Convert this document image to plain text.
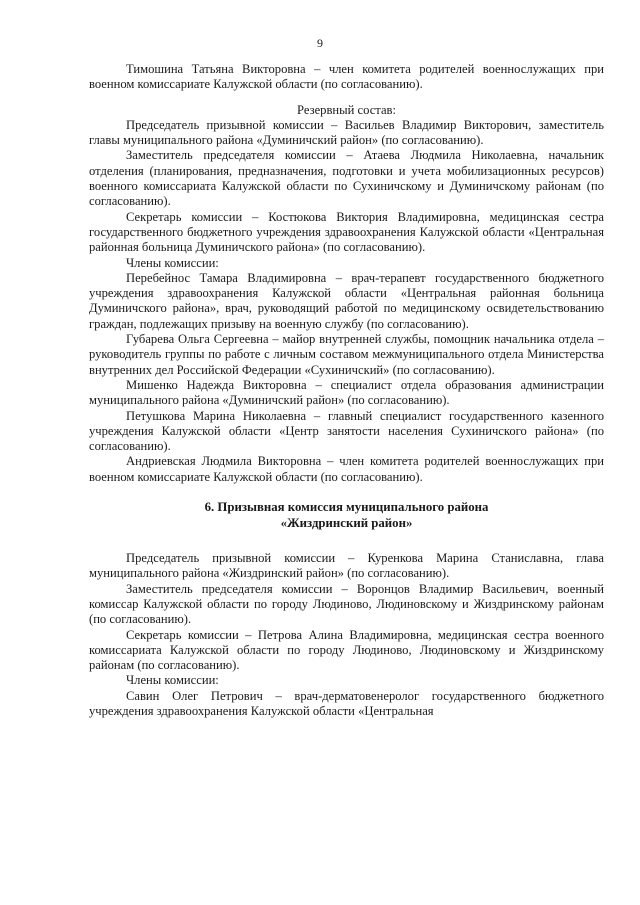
9

Тимошина Татьяна Викторовна – член комитета родителей военнослужащих при военном комиссариате Калужской области (по согласованию).

Резервный состав:

Председатель призывной комиссии – Васильев Владимир Викторович, заместитель главы муниципального района «Думиничский район» (по согласованию).

Заместитель председателя комиссии – Атаева Людмила Николаевна, начальник отделения (планирования, предназначения, подготовки и учета мобилизационных ресурсов) военного комиссариата Калужской области по Сухиничскому и Думиничскому районам (по согласованию).

Секретарь комиссии – Костюкова Виктория Владимировна, медицинская сестра государственного бюджетного учреждения здравоохранения Калужской области «Центральная районная больница Думиничского района» (по согласованию).

Члены комиссии:

Перебейнос Тамара Владимировна – врач-терапевт государственного бюджетного учреждения здравоохранения Калужской области «Центральная районная больница Думиничского района», врач, руководящий работой по медицинскому освидетельствованию граждан, подлежащих призыву на военную службу (по согласованию).

Губарева Ольга Сергеевна – майор внутренней службы, помощник начальника отдела – руководитель группы по работе с личным составом межмуниципального отдела Министерства внутренних дел Российской Федерации «Сухиничский» (по согласованию).

Мишенко Надежда Викторовна – специалист отдела образования администрации муниципального района «Думиничский район» (по согласованию).

Петушкова Марина Николаевна – главный специалист государственного казенного учреждения Калужской области «Центр занятости населения Сухиничского района» (по согласованию).

Андриевская Людмила Викторовна – член комитета родителей военнослужащих при военном комиссариате Калужской области (по согласованию).

6. Призывная комиссия муниципального района
«Жиздринский район»

Председатель призывной комиссии – Куренкова Марина Станиславна, глава муниципального района «Жиздринский район» (по согласованию).

Заместитель председателя комиссии – Воронцов Владимир Васильевич, военный комиссар Калужской области по городу Людиново, Людиновскому и Жиздринскому районам (по согласованию).

Секретарь комиссии – Петрова Алина Владимировна, медицинская сестра военного комиссариата Калужской области по городу Людиново, Людиновскому и Жиздринскому районам (по согласованию).

Члены комиссии:

Савин Олег Петрович – врач-дерматовенеролог государственного бюджетного учреждения здравоохранения Калужской области «Центральная
